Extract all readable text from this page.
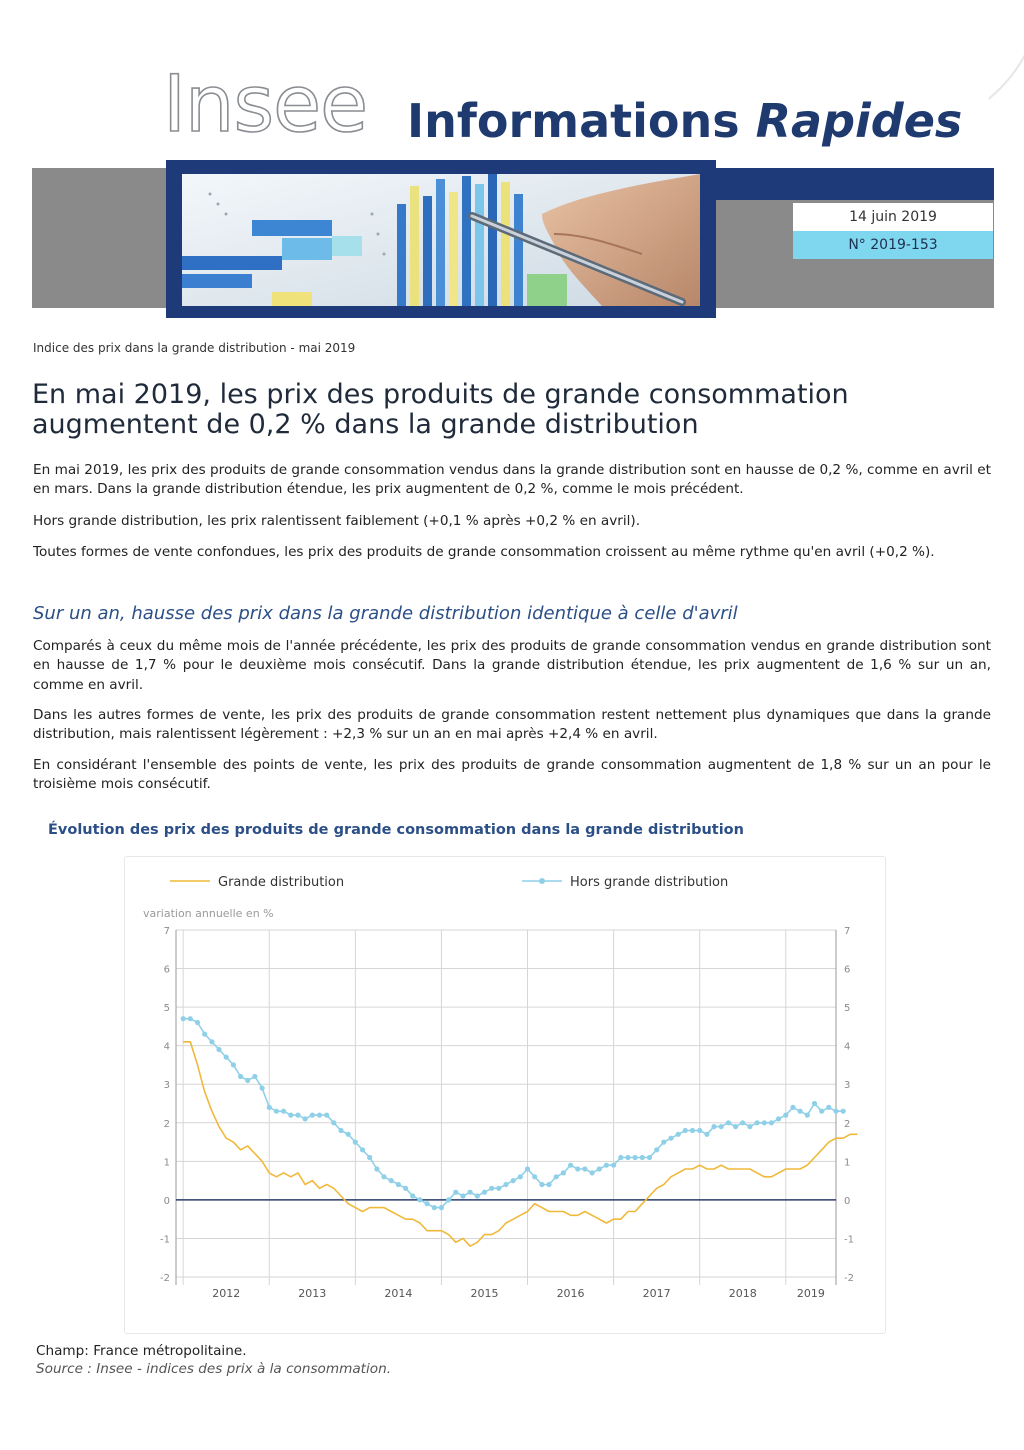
Insee Informations Rapides
14 juin 2019
N° 2019-153
Indice des prix dans la grande distribution - mai 2019
En mai 2019, les prix des produits de grande consommation augmentent de 0,2 % dans la grande distribution

En mai 2019, les prix des produits de grande consommation vendus dans la grande distribution sont en hausse de 0,2 %, comme en avril et en mars. Dans la grande distribution étendue, les prix augmentent de 0,2 %, comme le mois précédent.

Hors grande distribution, les prix ralentissent faiblement (+0,1 % après +0,2 % en avril).

Toutes formes de vente confondues, les prix des produits de grande consommation croissent au même rythme qu'en avril (+0,2 %).

Sur un an, hausse des prix dans la grande distribution identique à celle d'avril

Comparés à ceux du même mois de l'année précédente, les prix des produits de grande consommation vendus en grande distribution sont en hausse de 1,7 % pour le deuxième mois consécutif. Dans la grande distribution étendue, les prix augmentent de 1,6 % sur un an, comme en avril.

Dans les autres formes de vente, les prix des produits de grande consommation restent nettement plus dynamiques que dans la grande distribution, mais ralentissent légèrement : +2,3 % sur un an en mai après +2,4 % en avril.

En considérant l'ensemble des points de vente, les prix des produits de grande consommation augmentent de 1,8 % sur un an pour le troisième mois consécutif.

Évolution des prix des produits de grande consommation dans la grande distribution
Grande distribution	Hors grande distribution
variation annuelle en %
-2
-1
0
1
2
3
4
5
6
7
-2
-1
0
1
2
3
4
5
6
7
2012	2013	2014	2015	2016	2017	2018	2019
Champ: France métropolitaine.
Source : Insee - indices des prix à la consommation.
